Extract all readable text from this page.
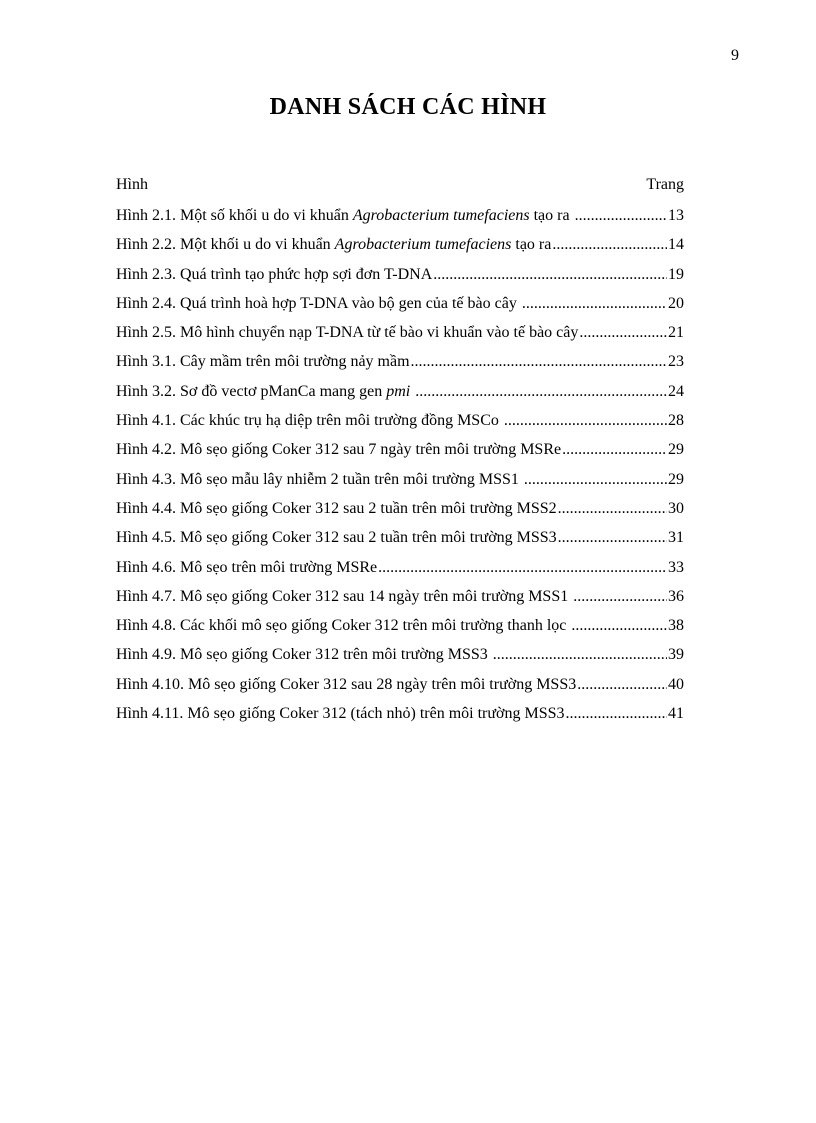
9
DANH SÁCH CÁC HÌNH
Hình	Trang
Hình 2.1. Một số khối u do vi khuẩn Agrobacterium tumefaciens tạo ra .....	13
Hình 2.2. Một khối u do vi khuẩn Agrobacterium tumefaciens tạo ra .....	14
Hình 2.3. Quá trình tạo phức hợp sợi đơn T-DNA .....	19
Hình 2.4. Quá trình hoà hợp T-DNA vào bộ gen của tế bào cây .....	20
Hình 2.5. Mô hình chuyển nạp T-DNA từ tế bào vi khuẩn vào tế bào cây .....	21
Hình 3.1. Cây mầm trên môi trường nảy mầm .....	23
Hình 3.2. Sơ đồ vectơ pManCa mang gen pmi .....	24
Hình 4.1. Các khúc trụ hạ diệp trên môi trường đồng MSCo .....	28
Hình 4.2. Mô sẹo giống Coker 312 sau 7 ngày trên môi trường MSRe .....	29
Hình 4.3. Mô sẹo mẫu lây nhiễm 2 tuần trên môi trường MSS1 .....	29
Hình 4.4. Mô sẹo giống Coker 312 sau 2 tuần trên môi trường MSS2 .....	30
Hình 4.5. Mô sẹo giống Coker 312 sau 2 tuần trên môi trường MSS3 .....	31
Hình 4.6. Mô sẹo trên môi trường MSRe .....	33
Hình 4.7. Mô sẹo giống Coker 312 sau 14 ngày trên môi trường MSS1 .....	36
Hình 4.8. Các khối mô sẹo giống Coker 312 trên môi trường thanh lọc .....	38
Hình 4.9. Mô sẹo giống Coker 312 trên môi trường MSS3 .....	39
Hình 4.10. Mô sẹo giống Coker 312 sau 28 ngày trên môi trường MSS3 .....	40
Hình 4.11. Mô sẹo giống Coker 312 (tách nhỏ) trên môi trường MSS3 .....	41
